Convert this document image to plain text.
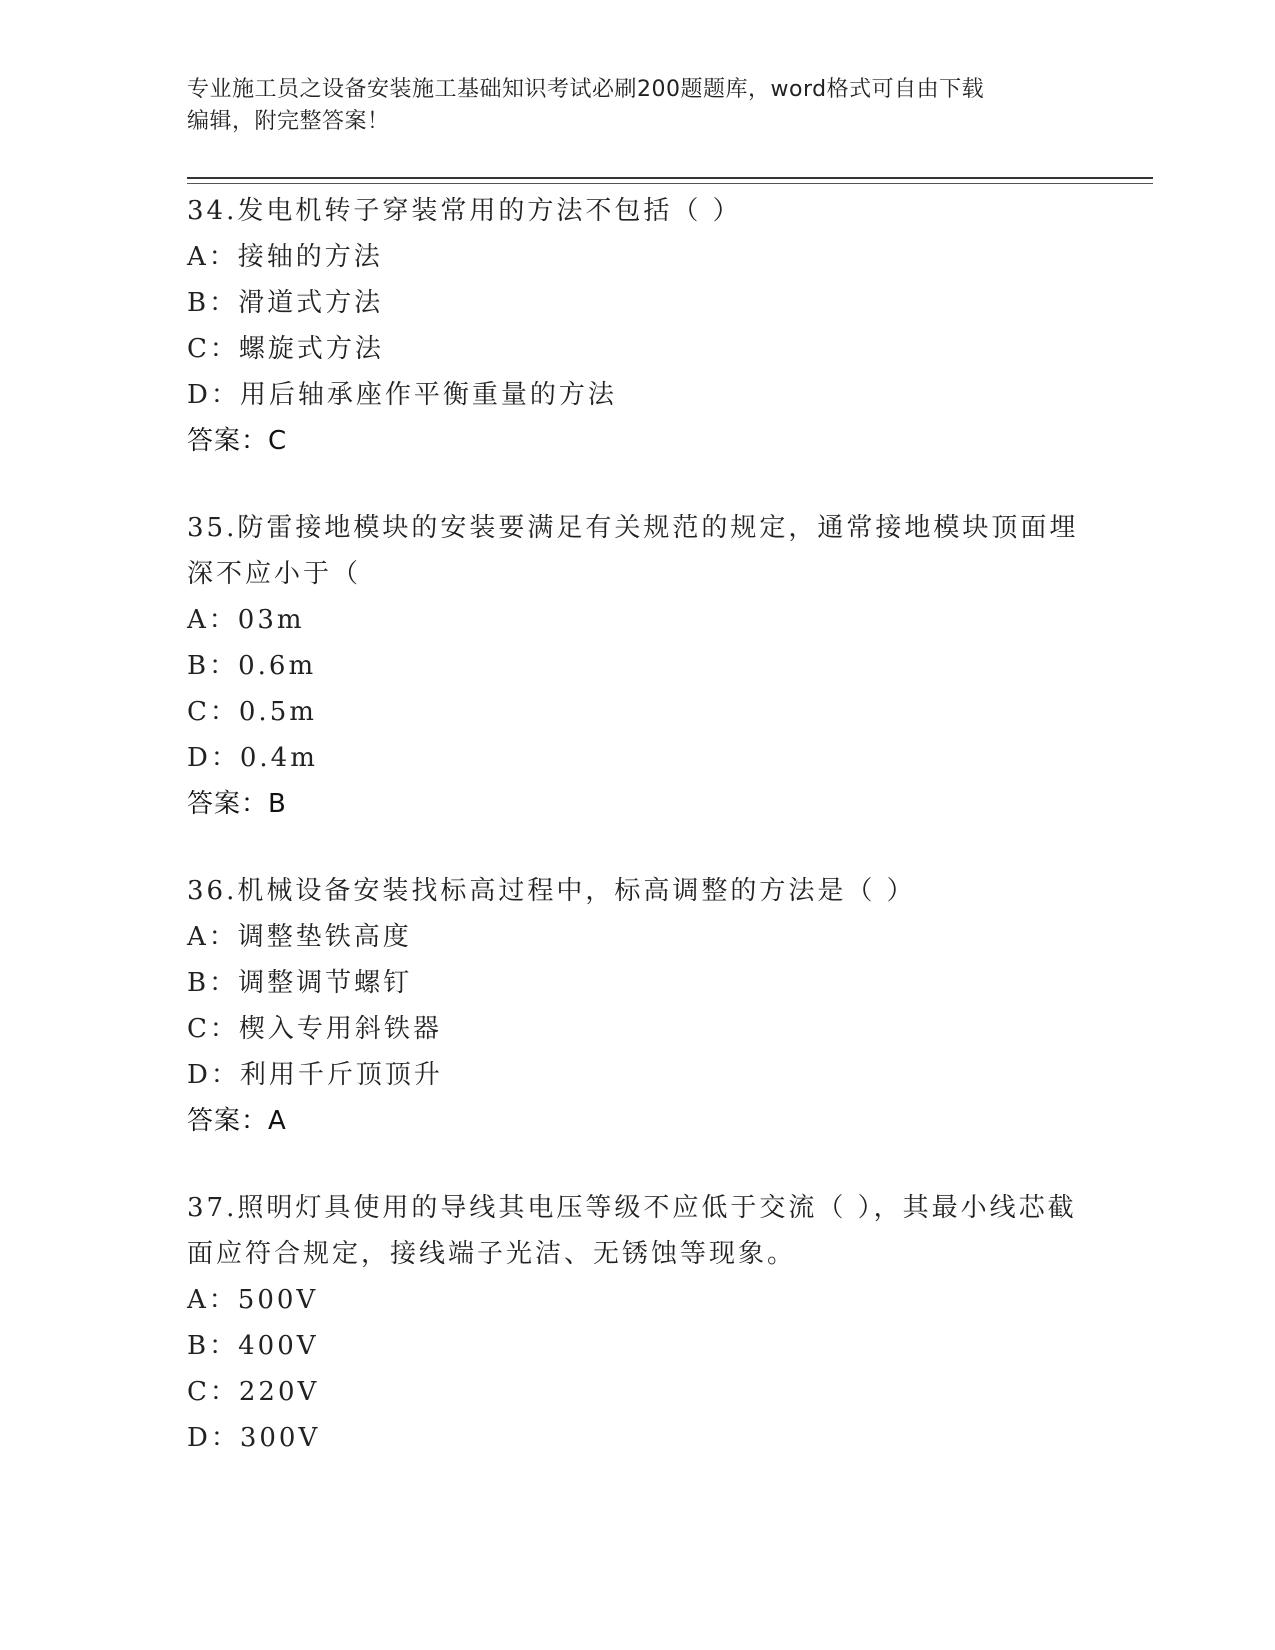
专业施工员之设备安装施工基础知识考试必刷200题题库，word格式可自由下载
编辑，附完整答案！
34.发电机转子穿装常用的方法不包括（ ）
A：接轴的方法
B：滑道式方法
C：螺旋式方法
D：用后轴承座作平衡重量的方法
答案：C
35.防雷接地模块的安装要满足有关规范的规定，通常接地模块顶面埋深不应小于（
A：03m
B：0.6m
C：0.5m
D：0.4m
答案：B
36.机械设备安装找标高过程中，标高调整的方法是（ ）
A：调整垫铁高度
B：调整调节螺钉
C：楔入专用斜铁器
D：利用千斤顶顶升
答案：A
37.照明灯具使用的导线其电压等级不应低于交流（ ），其最小线芯截面应符合规定，接线端子光洁、无锈蚀等现象。
A：500V
B：400V
C：220V
D：300V
